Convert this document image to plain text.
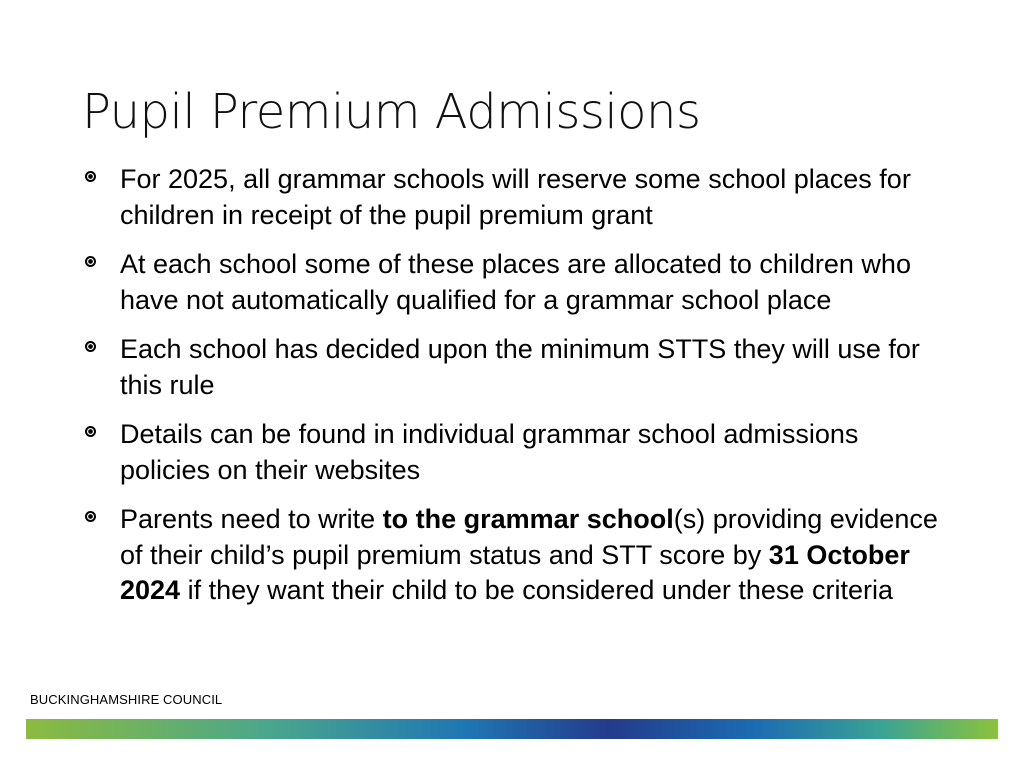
Pupil Premium Admissions
For 2025, all grammar schools will reserve some school places for children in receipt of the pupil premium grant
At each school some of these places are allocated to children who have not automatically qualified for a grammar school place
Each school has decided upon the minimum STTS they will use for this rule
Details can be found in individual grammar school admissions policies on their websites
Parents need to write to the grammar school(s) providing evidence of their child’s pupil premium status and STT score by 31 October 2024 if they want their child to be considered under these criteria
BUCKINGHAMSHIRE COUNCIL
